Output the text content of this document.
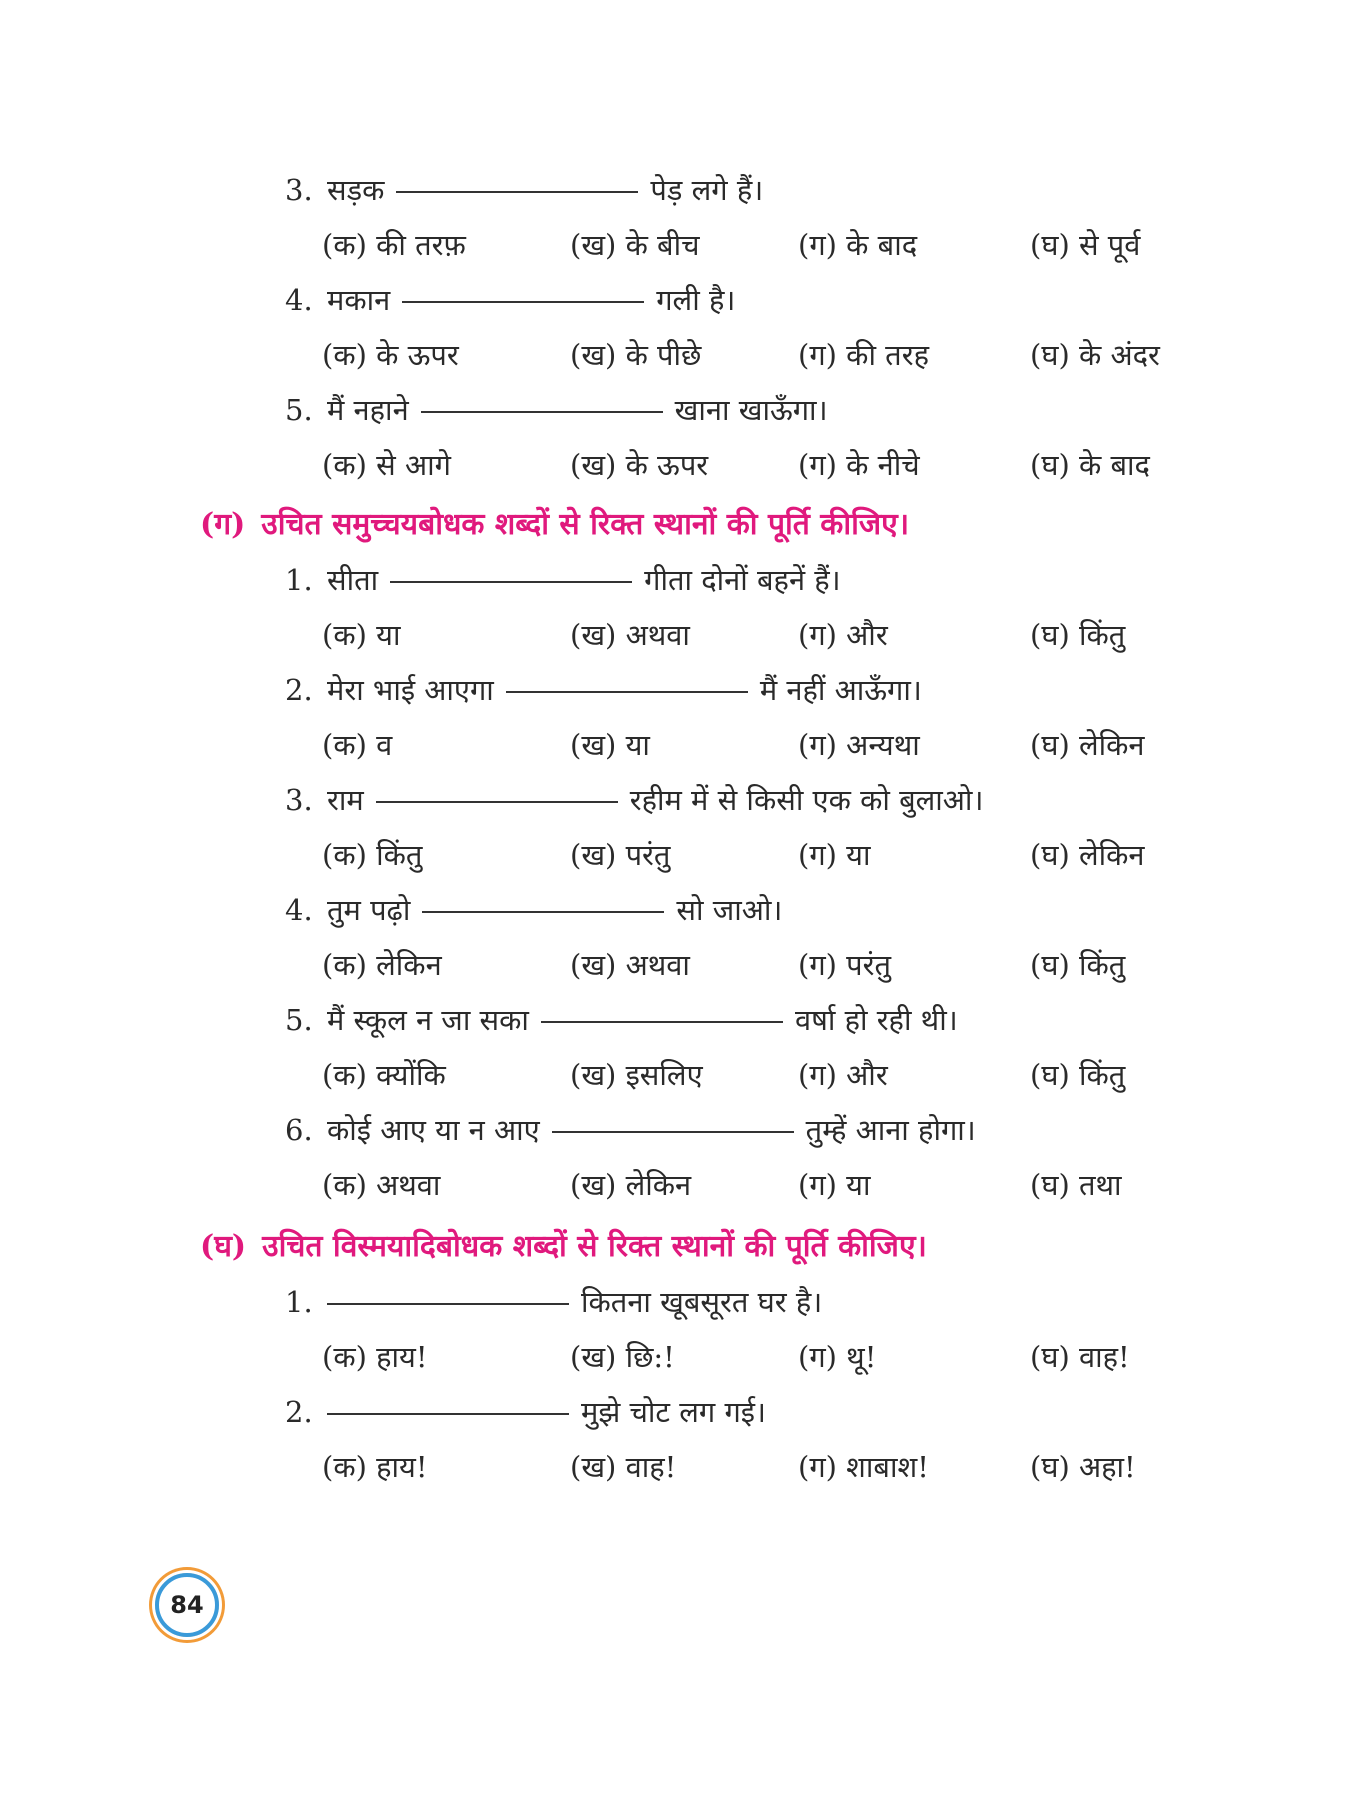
3. सड़क	पेड़ लगे हैं।
(क) की तरफ़	(ख) के बीच	(ग) के बाद	(घ) से पूर्व
4. मकान	गली है।
(क) के ऊपर	(ख) के पीछे	(ग) की तरह	(घ) के अंदर
5. मैं नहाने	खाना खाऊँगा।
(क) से आगे	(ख) के ऊपर	(ग) के नीचे	(घ) के बाद
(ग) उचित समुच्चयबोधक शब्दों से रिक्त स्थानों की पूर्ति कीजिए।
1. सीता	गीता दोनों बहनें हैं।
(क) या	(ख) अथवा	(ग) और	(घ) किंतु
2. मेरा भाई आएगा	मैं नहीं आऊँगा।
(क) व	(ख) या	(ग) अन्यथा	(घ) लेकिन
3. राम	रहीम में से किसी एक को बुलाओ।
(क) किंतु	(ख) परंतु	(ग) या	(घ) लेकिन
4. तुम पढ़ो	सो जाओ।
(क) लेकिन	(ख) अथवा	(ग) परंतु	(घ) किंतु
5. मैं स्कूल न जा सका	वर्षा हो रही थी।
(क) क्योंकि	(ख) इसलिए	(ग) और	(घ) किंतु
6. कोई आए या न आए	तुम्हें आना होगा।
(क) अथवा	(ख) लेकिन	(ग) या	(घ) तथा
(घ) उचित विस्मयादिबोधक शब्दों से रिक्त स्थानों की पूर्ति कीजिए।
1.	कितना खूबसूरत घर है।
(क) हाय!	(ख) छि:!	(ग) थू!	(घ) वाह!
2.	मुझे चोट लग गई।
(क) हाय!	(ख) वाह!	(ग) शाबाश!	(घ) अहा!
84
